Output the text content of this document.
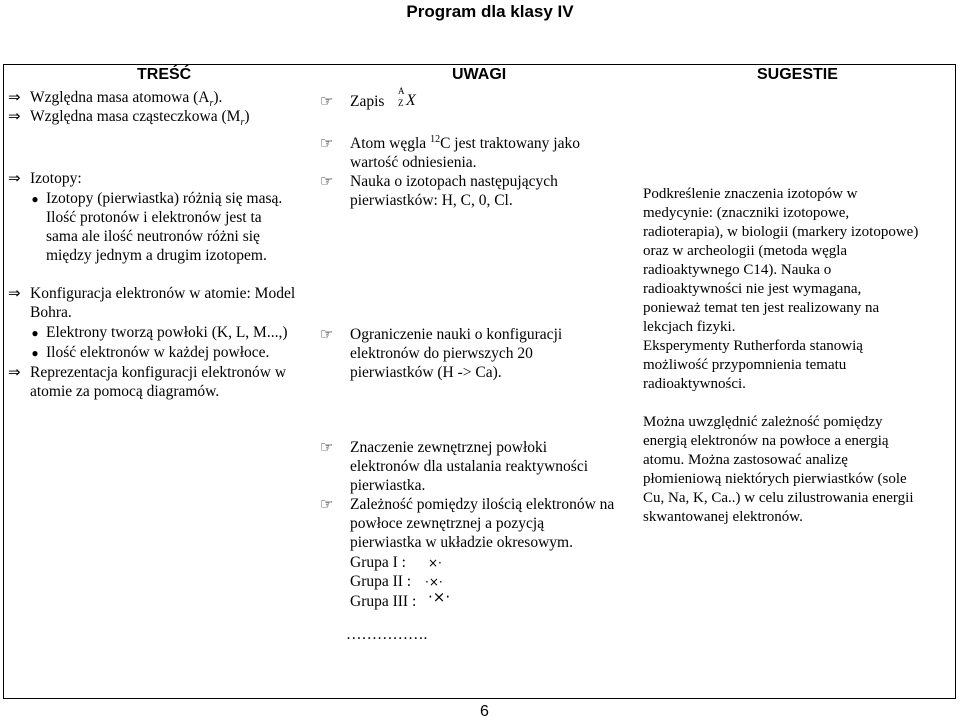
Program dla klasy IV
TREŚĆ	UWAGI	SUGESTIE
⇒ Względna masa atomowa $(A_r)$.
⇒ Względna masa cząsteczkowa $(M_r)$
⇒ Izotopy:
● Izotopy (pierwiastka) różnią się masą.
Ilość protonów i elektronów jest ta
sama ale ilość neutronów różni się
między jednym a drugim izotopem.
⇒ Konfiguracja elektronów w atomie: Model
Bohra.
● Elektrony tworzą powłoki (K, L, M...,)
● Ilość elektronów w każdej powłoce.
⇒ Reprezentacja konfiguracji elektronów w
atomie za pomocą diagramów.
☞ Zapis
A
Z X
☞ Atom węgla $^{12}$C jest traktowany jako
wartość odniesienia.
☞ Nauka o izotopach następujących
pierwiastków: H, C, 0, Cl.
☞ Ograniczenie nauki o konfiguracji
elektronów do pierwszych 20
pierwiastków (H -> Ca).
☞ Znaczenie zewnętrznej powłoki
elektronów dla ustalania reaktywności
pierwiastka.
☞ Zależność pomiędzy ilością elektronów na
powłoce zewnętrznej a pozycją
pierwiastka w układzie okresowym.
Grupa I : ×·
Grupa II : ·×·
Grupa III : ·×·
…………….
Podkreślenie znaczenia izotopów w
medycynie: (znaczniki izotopowe,
radioterapia), w biologii (markery izotopowe)
oraz w archeologii (metoda węgla
radioaktywnego C14). Nauka o
radioaktywności nie jest wymagana,
ponieważ temat ten jest realizowany na
lekcjach fizyki.
Eksperymenty Rutherforda stanowią
możliwość przypomnienia tematu
radioaktywności.
Można uwzględnić zależność pomiędzy
energią elektronów na powłoce a energią
atomu. Można zastosować analizę
płomieniową niektórych pierwiastków (sole
Cu, Na, K, Ca..) w celu zilustrowania energii
skwantowanej elektronów.
6
